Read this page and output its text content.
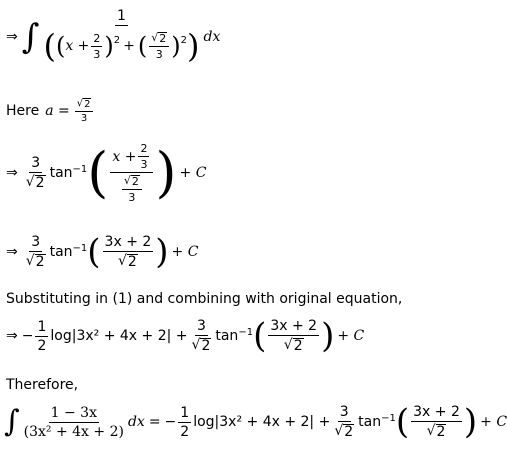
⇒ ∫
1
( ( $x + \frac{2}{3}$ ) 2 + ( $\frac{√ 2}{3}$ ) 2 ) dx
Here $a = \frac{√ 2}{3}$
⇒ $\frac{3}{√ 2} \tan^{-1}$ ( $\frac{x + \frac{2}{3}}{\frac{√ 2}{3}}$ ) + C
⇒ $\frac{3}{√ 2} \tan^{-1}$ ( $\frac{3x + 2}{√ 2}$ ) + C
Substituting in (1) and combining with original equation,
⇒ − $\frac{1}{2} \log|3x^2 + 4x + 2| + \frac{3}{√ 2} \tan^{-1}$ ( $\frac{3x + 2}{√ 2}$ ) + C
Therefore,
∫ $\frac{1 - 3x}{\text{(3x² + 4x + 2)}}$ dx = − $\frac{1}{2} \log|3x^2 + 4x + 2| + \frac{3}{√ 2} \tan^{-1}$ ( $\frac{3x + 2}{√ 2}$ ) + C
